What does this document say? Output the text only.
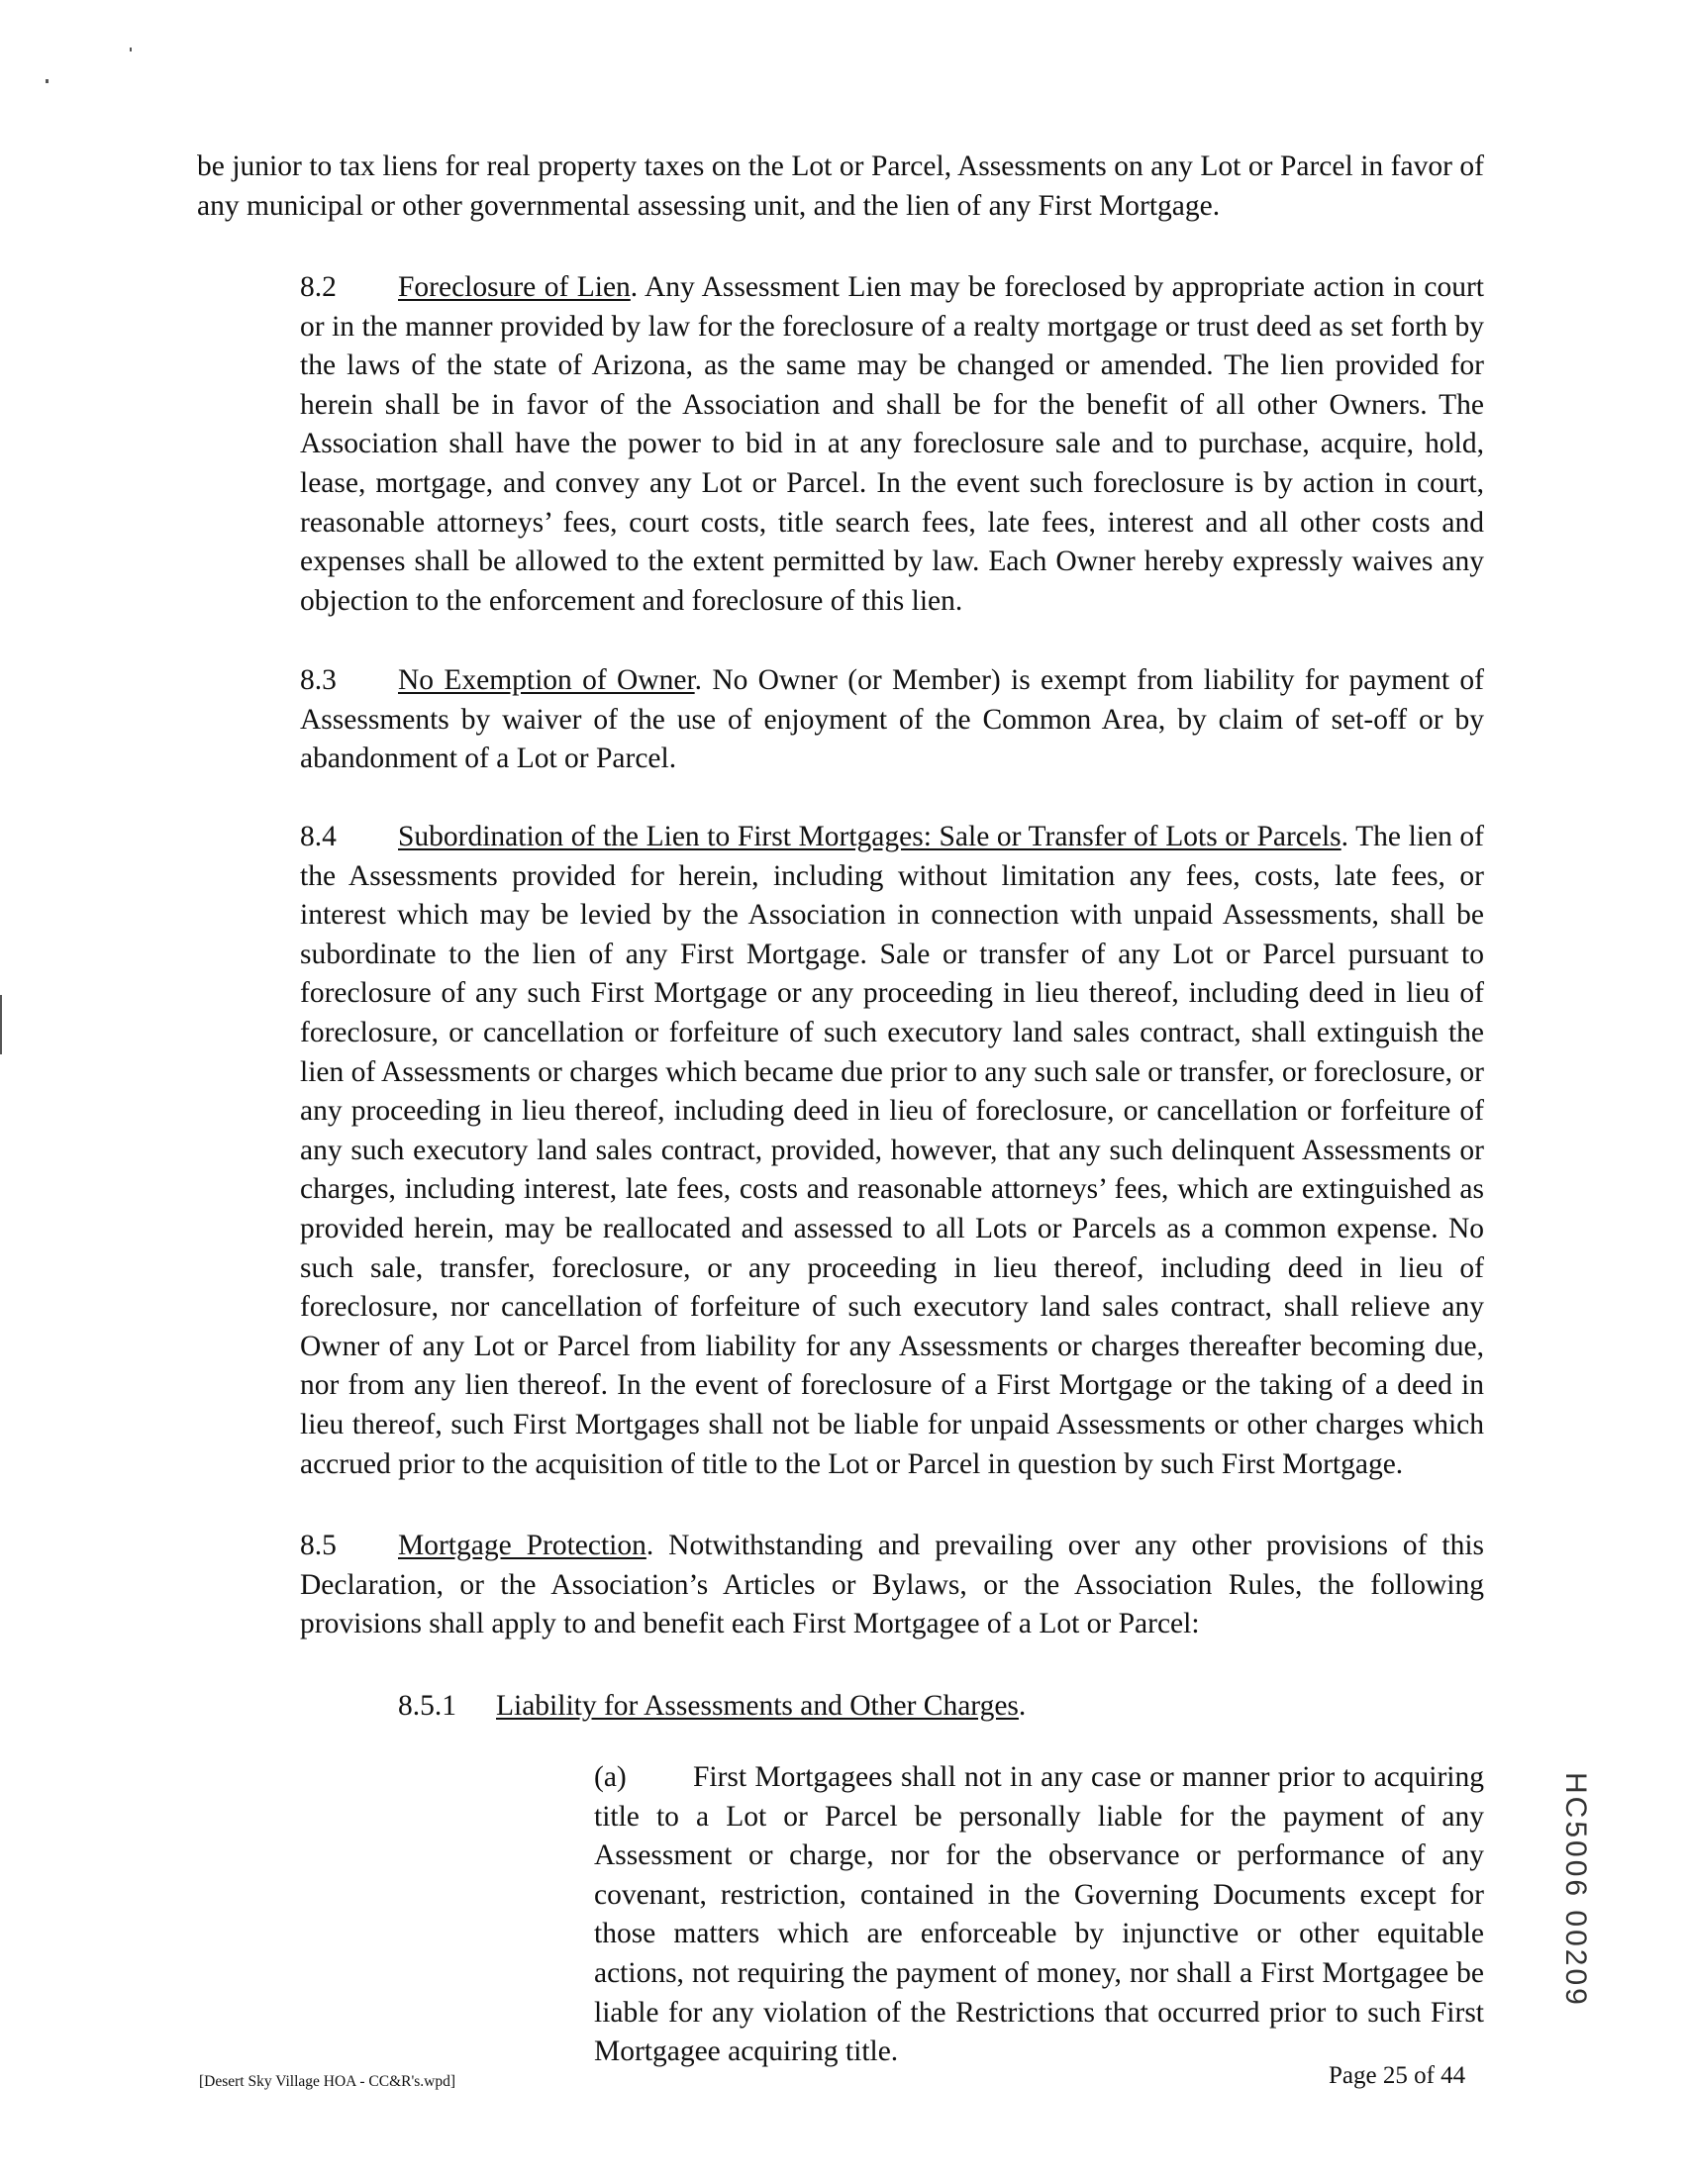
be junior to tax liens for real property taxes on the Lot or Parcel, Assessments on any Lot or Parcel in favor of any municipal or other governmental assessing unit, and the lien of any First Mortgage.
8.2 Foreclosure of Lien. Any Assessment Lien may be foreclosed by appropriate action in court or in the manner provided by law for the foreclosure of a realty mortgage or trust deed as set forth by the laws of the state of Arizona, as the same may be changed or amended. The lien provided for herein shall be in favor of the Association and shall be for the benefit of all other Owners. The Association shall have the power to bid in at any foreclosure sale and to purchase, acquire, hold, lease, mortgage, and convey any Lot or Parcel. In the event such foreclosure is by action in court, reasonable attorneys’ fees, court costs, title search fees, late fees, interest and all other costs and expenses shall be allowed to the extent permitted by law. Each Owner hereby expressly waives any objection to the enforcement and foreclosure of this lien.
8.3 No Exemption of Owner. No Owner (or Member) is exempt from liability for payment of Assessments by waiver of the use of enjoyment of the Common Area, by claim of set-off or by abandonment of a Lot or Parcel.
8.4 Subordination of the Lien to First Mortgages: Sale or Transfer of Lots or Parcels. The lien of the Assessments provided for herein, including without limitation any fees, costs, late fees, or interest which may be levied by the Association in connection with unpaid Assessments, shall be subordinate to the lien of any First Mortgage. Sale or transfer of any Lot or Parcel pursuant to foreclosure of any such First Mortgage or any proceeding in lieu thereof, including deed in lieu of foreclosure, or cancellation or forfeiture of such executory land sales contract, shall extinguish the lien of Assessments or charges which became due prior to any such sale or transfer, or foreclosure, or any proceeding in lieu thereof, including deed in lieu of foreclosure, or cancellation or forfeiture of any such executory land sales contract, provided, however, that any such delinquent Assessments or charges, including interest, late fees, costs and reasonable attorneys’ fees, which are extinguished as provided herein, may be reallocated and assessed to all Lots or Parcels as a common expense. No such sale, transfer, foreclosure, or any proceeding in lieu thereof, including deed in lieu of foreclosure, nor cancellation of forfeiture of such executory land sales contract, shall relieve any Owner of any Lot or Parcel from liability for any Assessments or charges thereafter becoming due, nor from any lien thereof. In the event of foreclosure of a First Mortgage or the taking of a deed in lieu thereof, such First Mortgages shall not be liable for unpaid Assessments or other charges which accrued prior to the acquisition of title to the Lot or Parcel in question by such First Mortgage.
8.5 Mortgage Protection. Notwithstanding and prevailing over any other provisions of this Declaration, or the Association’s Articles or Bylaws, or the Association Rules, the following provisions shall apply to and benefit each First Mortgagee of a Lot or Parcel:
8.5.1 Liability for Assessments and Other Charges.
(a) First Mortgagees shall not in any case or manner prior to acquiring title to a Lot or Parcel be personally liable for the payment of any Assessment or charge, nor for the observance or performance of any covenant, restriction, contained in the Governing Documents except for those matters which are enforceable by injunctive or other equitable actions, not requiring the payment of money, nor shall a First Mortgagee be liable for any violation of the Restrictions that occurred prior to such First Mortgagee acquiring title.
[Desert Sky Village HOA - CC&R's.wpd]	Page 25 of 44
HC5006 00209
